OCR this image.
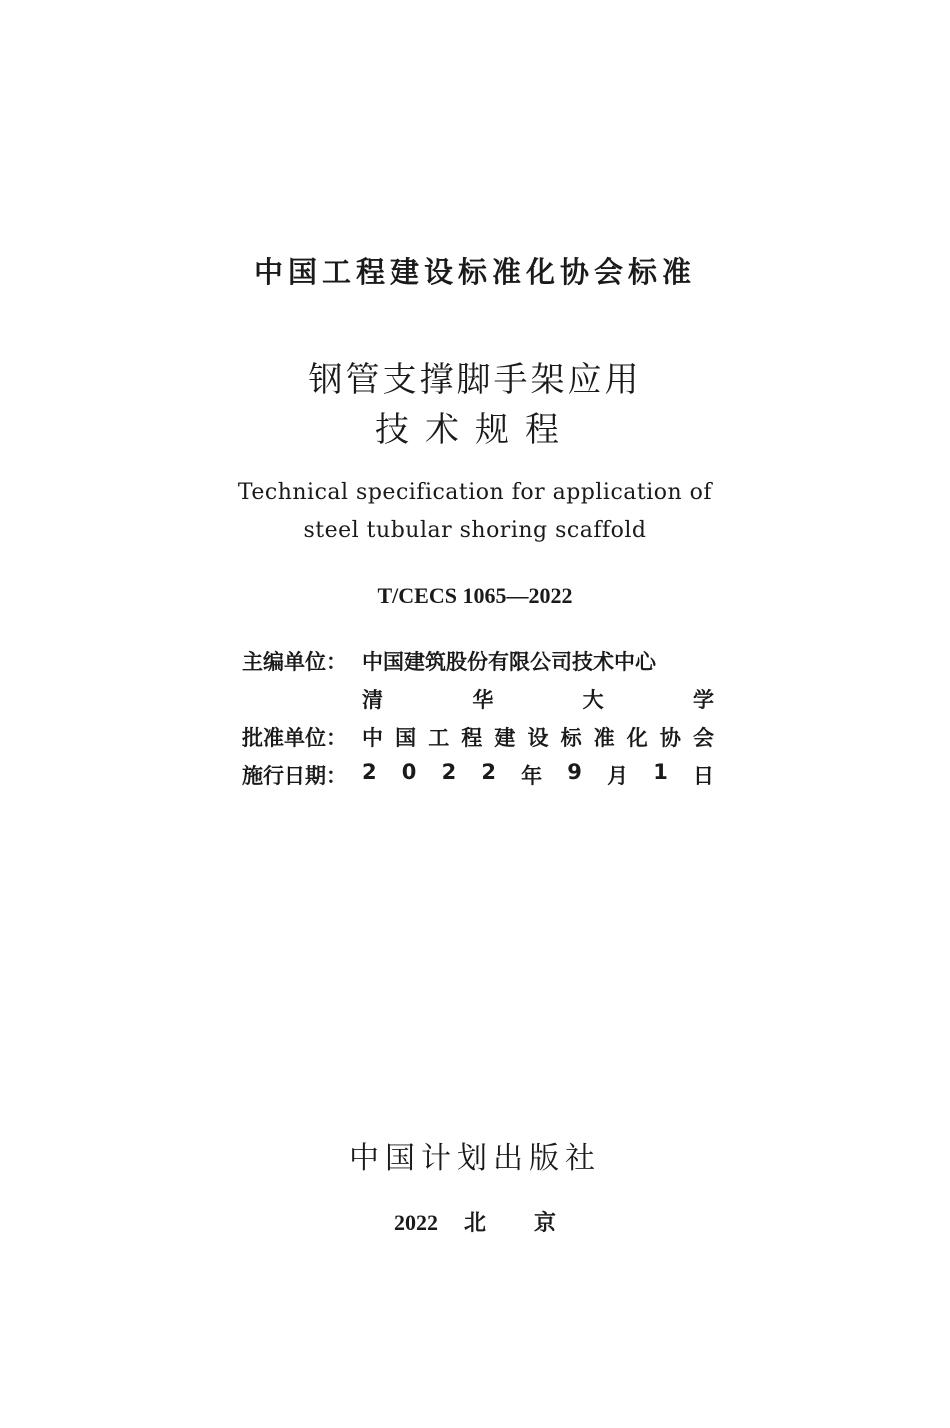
中国工程建设标准化协会标准
钢管支撑脚手架应用
技术规程
Technical specification for application of
steel tubular shoring scaffold
T/CECS 1065—2022
主编单位： 中国建筑股份有限公司技术中心
清	华	大	学
批准单位： 中 国 工 程 建 设 标 准 化 协 会
施行日期： 2 0 2 2 年 9 月 1 日
中国计划出版社
2022 北 京
